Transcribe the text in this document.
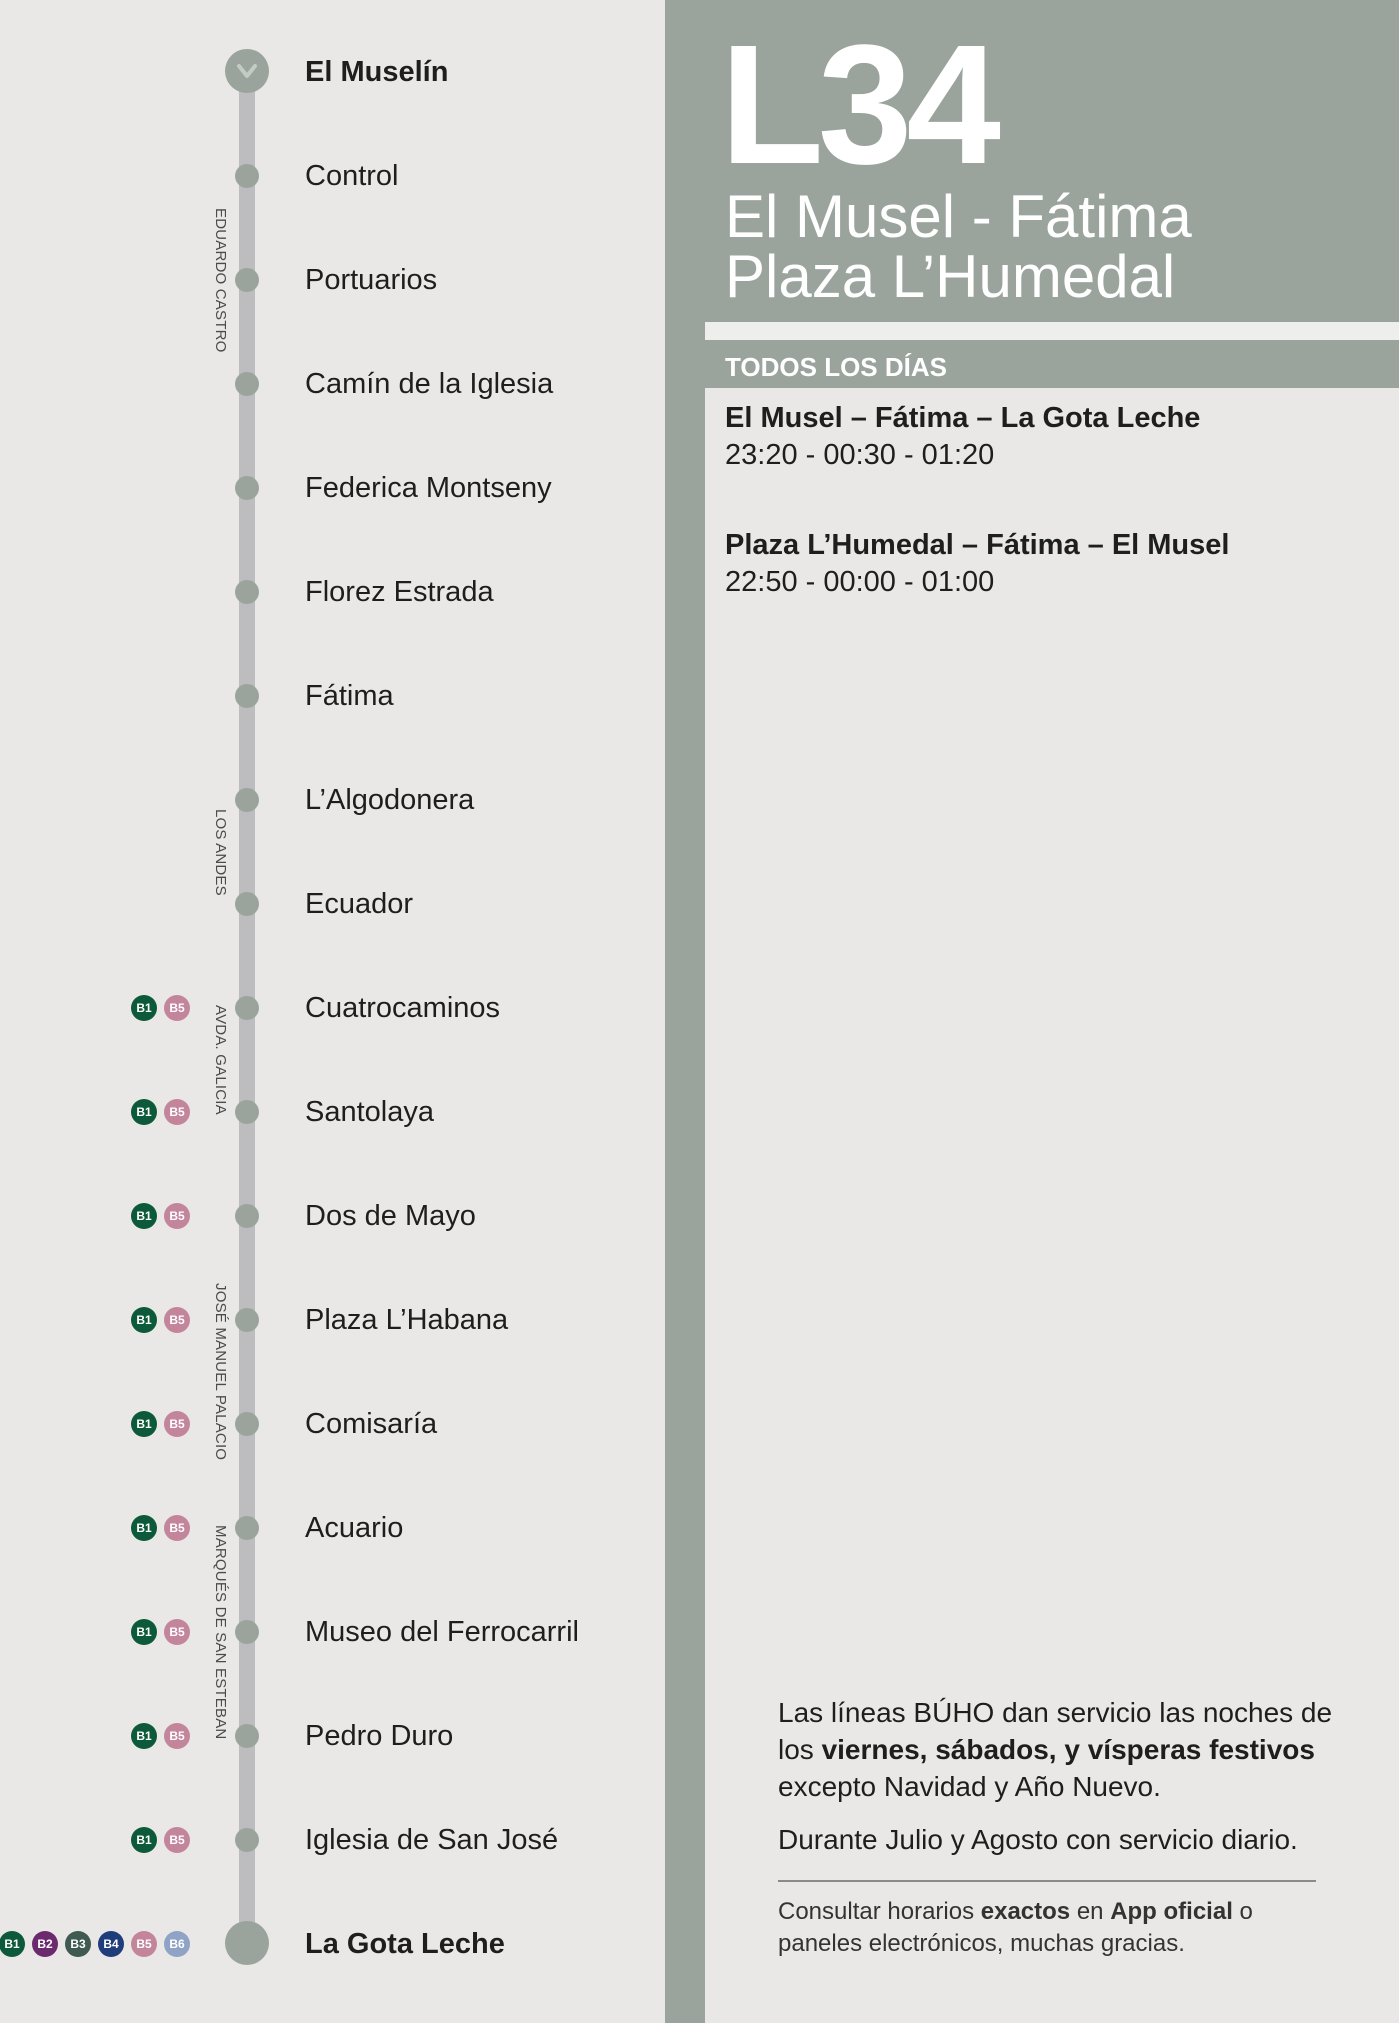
El Muselín
Control
Portuarios
Camín de la Iglesia
Federica Montseny
Florez Estrada
Fátima
L’Algodonera
Ecuador
B1	B5	Cuatrocaminos
B1	B5	Santolaya
B1	B5	Dos de Mayo
B1	B5	Plaza L’Habana
B1	B5	Comisaría
B1	B5	Acuario
B1	B5	Museo del Ferrocarril
B1	B5	Pedro Duro
B1	B5	Iglesia de San José
B1	B2	B3	B4	B5	B6	La Gota Leche
EDUARDO CASTRO
LOS ANDES
AVDA. GALICIA
JOSÉ MANUEL PALACIO
MARQUÉS DE SAN ESTEBAN
L34
El Musel - Fátima
Plaza L’Humedal
TODOS LOS DÍAS
El Musel – Fátima – La Gota Leche
23:20 - 00:30 - 01:20
Plaza L’Humedal – Fátima – El Musel
22:50 - 00:00 - 01:00

Las líneas BÚHO dan servicio las noches de los viernes, sábados, y vísperas festivos excepto Navidad y Año Nuevo.

Durante Julio y Agosto con servicio diario.

Consultar horarios exactos en App oficial o paneles electrónicos, muchas gracias.
